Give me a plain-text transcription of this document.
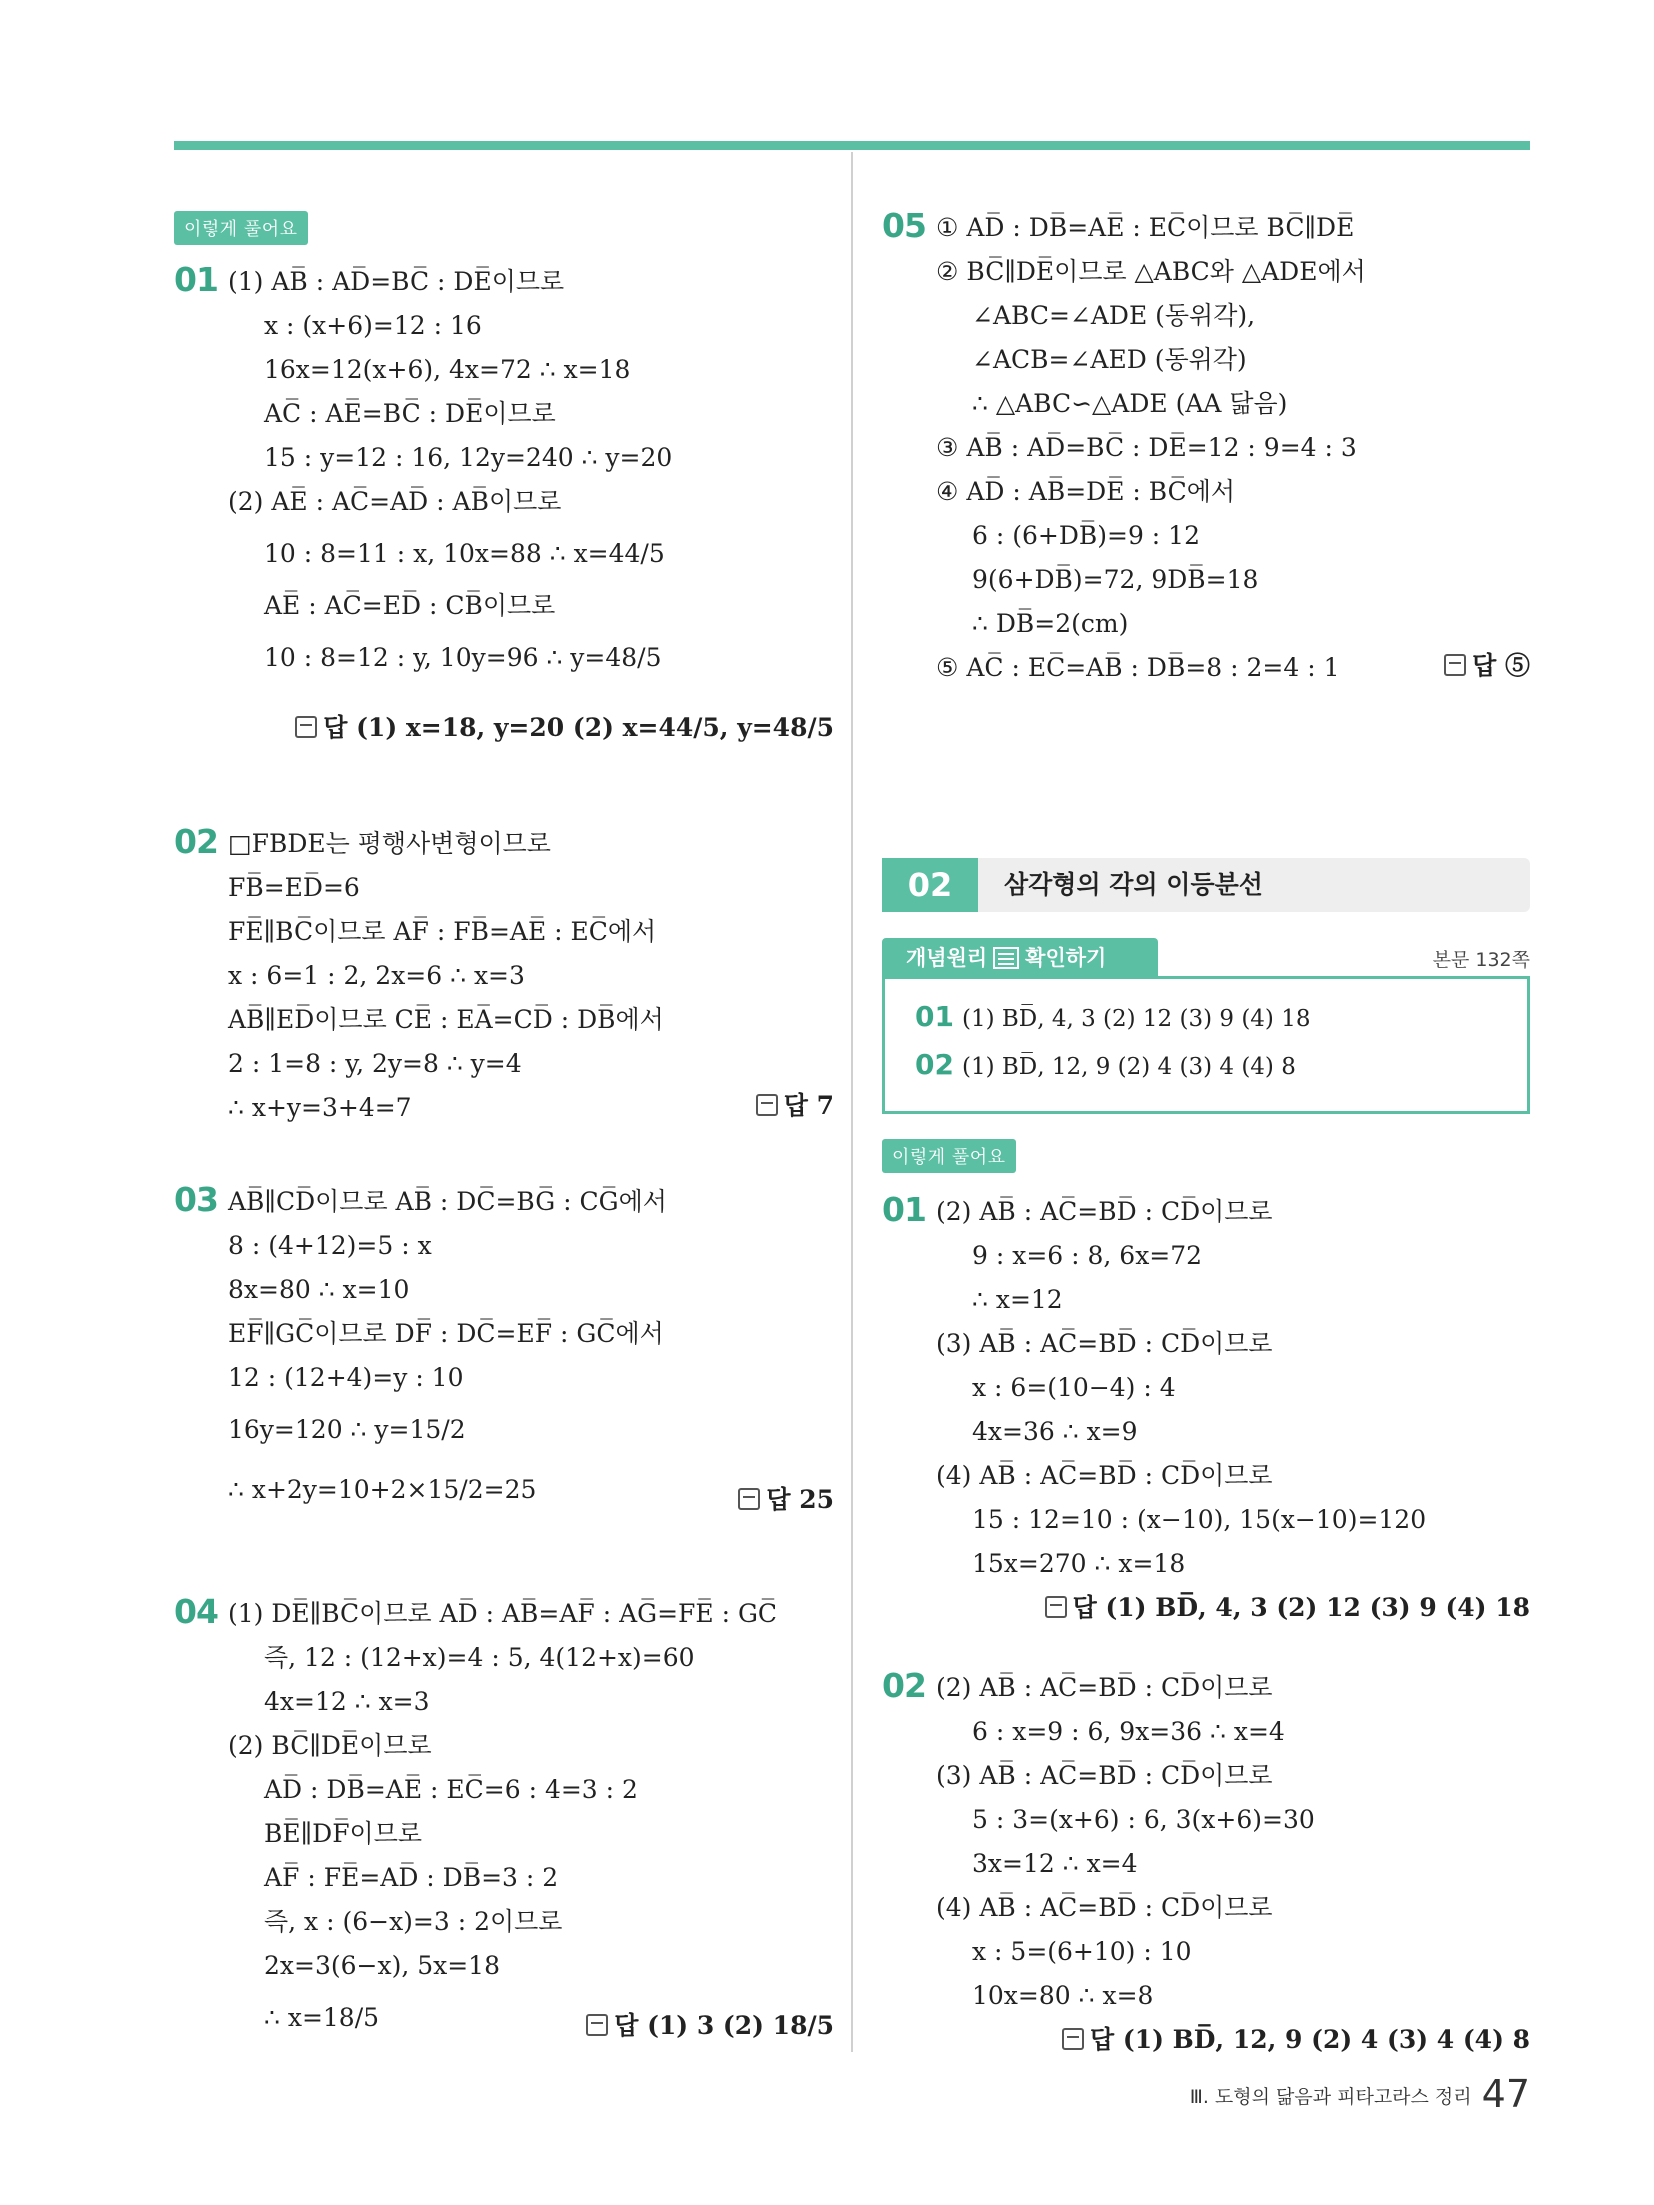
이렇게 풀어요
01 (1) AB̅ : AD̅=BC̅ : DE̅이므로
x : (x+6)=12 : 16
16x=12(x+6), 4x=72 ∴ x=18
AC̅ : AE̅=BC̅ : DE̅이므로
15 : y=12 : 16, 12y=240 ∴ y=20
(2) AE̅ : AC̅=AD̅ : AB̅이므로
10 : 8=11 : x, 10x=88 ∴ x=44/5
AE̅ : AC̅=ED̅ : CB̅이므로
10 : 8=12 : y, 10y=96 ∴ y=48/5
답 (1) x=18, y=20 (2) x=44/5, y=48/5
02 □FBDE는 평행사변형이므로
FB̅=ED̅=6
FE̅∥BC̅이므로 AF̅ : FB̅=AE̅ : EC̅에서
x : 6=1 : 2, 2x=6 ∴ x=3
AB̅∥ED̅이므로 CE̅ : EA̅=CD̅ : DB̅에서
2 : 1=8 : y, 2y=8 ∴ y=4
∴ x+y=3+4=7	답 7
03 AB̅∥CD̅이므로 AB̅ : DC̅=BG̅ : CG̅에서
8 : (4+12)=5 : x
8x=80 ∴ x=10
EF̅∥GC̅이므로 DF̅ : DC̅=EF̅ : GC̅에서
12 : (12+4)=y : 10
16y=120 ∴ y=15/2
∴ x+2y=10+2×15/2=25	답 25
04 (1) DE̅∥BC̅이므로 AD̅ : AB̅=AF̅ : AG̅=FE̅ : GC̅
즉, 12 : (12+x)=4 : 5, 4(12+x)=60
4x=12 ∴ x=3
(2) BC̅∥DE̅이므로
AD̅ : DB̅=AE̅ : EC̅=6 : 4=3 : 2
BE̅∥DF̅이므로
AF̅ : FE̅=AD̅ : DB̅=3 : 2
즉, x : (6−x)=3 : 2이므로
2x=3(6−x), 5x=18
∴ x=18/5	답 (1) 3 (2) 18/5
05 ① AD̅ : DB̅=AE̅ : EC̅이므로 BC̅∥DE̅
② BC̅∥DE̅이므로 △ABC와 △ADE에서
∠ABC=∠ADE (동위각),
∠ACB=∠AED (동위각)
∴ △ABC∽△ADE (AA 닮음)
③ AB̅ : AD̅=BC̅ : DE̅=12 : 9=4 : 3
④ AD̅ : AB̅=DE̅ : BC̅에서
6 : (6+DB̅)=9 : 12
9(6+DB̅)=72, 9DB̅=18
∴ DB̅=2(cm)
⑤ AC̅ : EC̅=AB̅ : DB̅=8 : 2=4 : 1	답 ⑤
02	삼각형의 각의 이등분선
개념원리 확인하기	본문 132쪽
01 (1) BD̅, 4, 3 (2) 12 (3) 9 (4) 18
02 (1) BD̅, 12, 9 (2) 4 (3) 4 (4) 8
이렇게 풀어요
01 (2) AB̅ : AC̅=BD̅ : CD̅이므로
9 : x=6 : 8, 6x=72
∴ x=12
(3) AB̅ : AC̅=BD̅ : CD̅이므로
x : 6=(10−4) : 4
4x=36 ∴ x=9
(4) AB̅ : AC̅=BD̅ : CD̅이므로
15 : 12=10 : (x−10), 15(x−10)=120
15x=270 ∴ x=18
답 (1) BD̅, 4, 3 (2) 12 (3) 9 (4) 18
02 (2) AB̅ : AC̅=BD̅ : CD̅이므로
6 : x=9 : 6, 9x=36 ∴ x=4
(3) AB̅ : AC̅=BD̅ : CD̅이므로
5 : 3=(x+6) : 6, 3(x+6)=30
3x=12 ∴ x=4
(4) AB̅ : AC̅=BD̅ : CD̅이므로
x : 5=(6+10) : 10
10x=80 ∴ x=8
답 (1) BD̅, 12, 9 (2) 4 (3) 4 (4) 8
Ⅲ. 도형의 닮음과 피타고라스 정리 47
